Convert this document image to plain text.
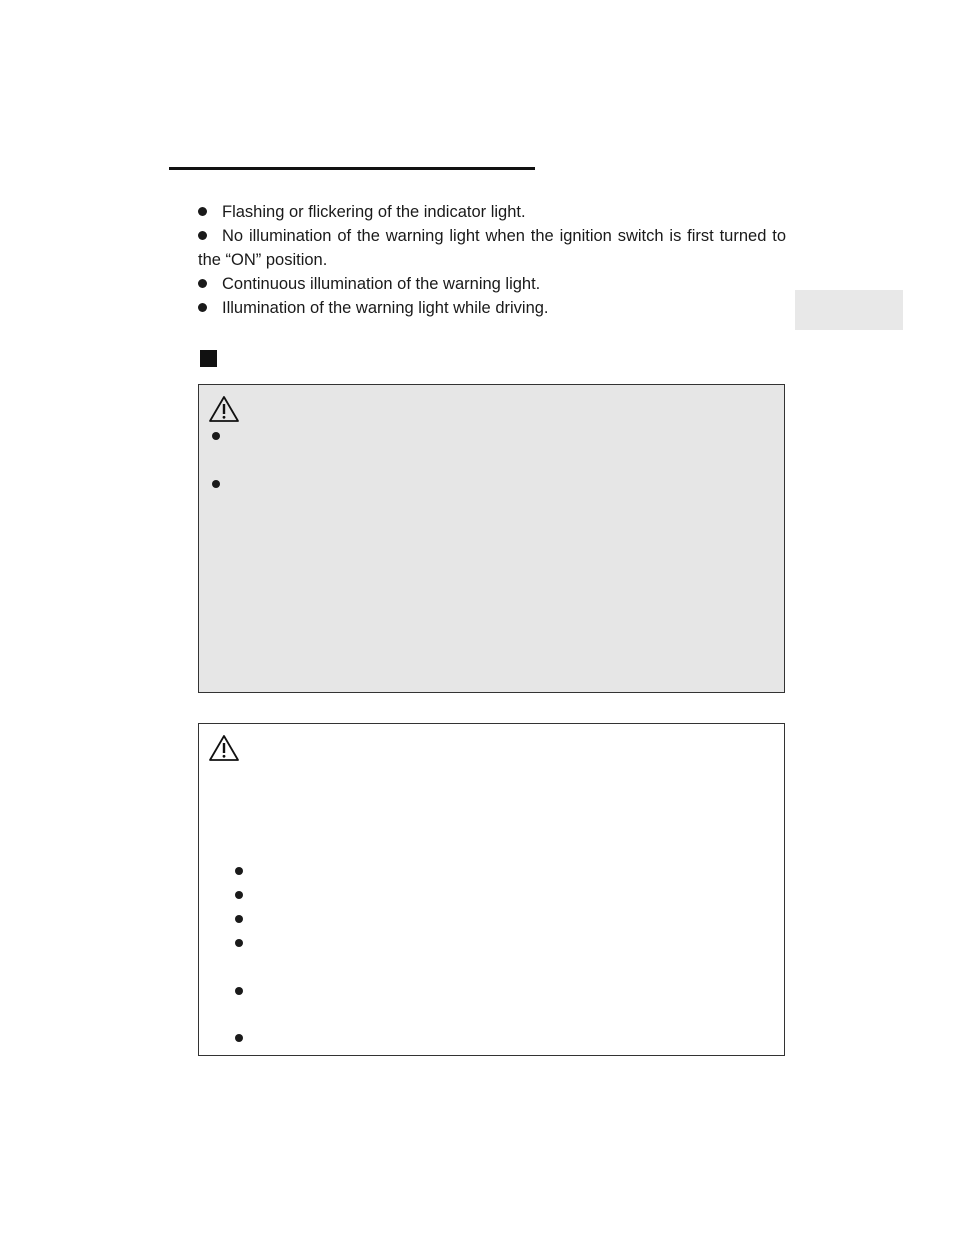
Flashing or flickering of the indicator light.

No illumination of the warning light when the ignition switch is first turned to the “ON” position.

Continuous illumination of the warning light.

Illumination of the warning light while driving.
